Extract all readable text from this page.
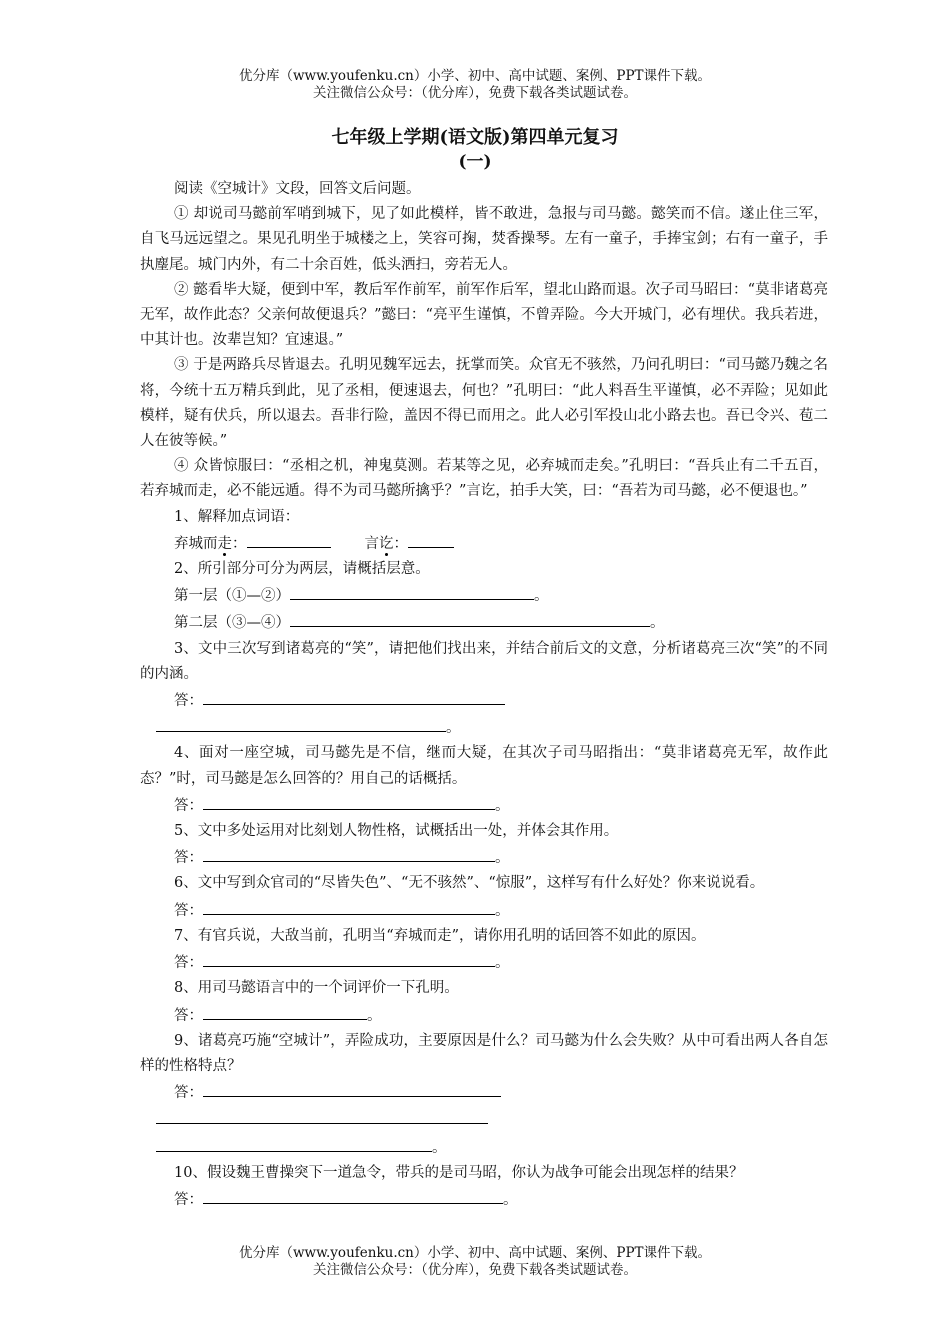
优分库（www.youfenku.cn）小学、初中、高中试题、案例、PPT课件下载。
关注微信公众号：（优分库），免费下载各类试题试卷。
七年级上学期(语文版)第四单元复习
(一)

阅读《空城计》文段，回答文后问题。

① 却说司马懿前军哨到城下，见了如此模样，皆不敢进，急报与司马懿。懿笑而不信。遂止住三军，自飞马远远望之。果见孔明坐于城楼之上，笑容可掬，焚香操琴。左有一童子，手捧宝剑；右有一童子，手执麈尾。城门内外，有二十余百姓，低头洒扫，旁若无人。

② 懿看毕大疑，便到中军，教后军作前军，前军作后军，望北山路而退。次子司马昭曰：“莫非诸葛亮无军，故作此态？父亲何故便退兵？”懿曰：“亮平生谨慎，不曾弄险。今大开城门，必有埋伏。我兵若进，中其计也。汝辈岂知？宜速退。”

③ 于是两路兵尽皆退去。孔明见魏军远去，抚掌而笑。众官无不骇然，乃问孔明曰：“司马懿乃魏之名将，今统十五万精兵到此，见了丞相，便速退去，何也？”孔明曰：“此人料吾生平谨慎，必不弄险；见如此模样，疑有伏兵，所以退去。吾非行险，盖因不得已而用之。此人必引军投山北小路去也。吾已令兴、苞二人在彼等候。”

④ 众皆惊服曰：“丞相之机，神鬼莫测。若某等之见，必弃城而走矣。”孔明曰：“吾兵止有二千五百，若弃城而走，必不能远遁。得不为司马懿所擒乎？”言讫，拍手大笑，曰：“吾若为司马懿，必不便退也。”

1、解释加点词语：

弃城而走：	言讫：

2、所引部分可分为两层，请概括层意。

第一层（①—②）	。

第二层（③—④）	。

3、文中三次写到诸葛亮的“笑”，请把他们找出来，并结合前后文的文意，分析诸葛亮三次“笑”的不同的内涵。

答：

。

4、面对一座空城，司马懿先是不信，继而大疑，在其次子司马昭指出：“莫非诸葛亮无军，故作此态？”时，司马懿是怎么回答的？用自己的话概括。

答：	。

5、文中多处运用对比刻划人物性格，试概括出一处，并体会其作用。

答：	。

6、文中写到众官司的“尽皆失色”、“无不骇然”、“惊服”，这样写有什么好处？你来说说看。

答：	。

7、有官兵说，大敌当前，孔明当“弃城而走”，请你用孔明的话回答不如此的原因。

答：	。

8、用司马懿语言中的一个词评价一下孔明。

答：	。

9、诸葛亮巧施“空城计”，弄险成功，主要原因是什么？司马懿为什么会失败？从中可看出两人各自怎样的性格特点？

答：

。

10、假设魏王曹操突下一道急令，带兵的是司马昭，你认为战争可能会出现怎样的结果？

答：	。

优分库（www.youfenku.cn）小学、初中、高中试题、案例、PPT课件下载。
关注微信公众号：（优分库），免费下载各类试题试卷。
